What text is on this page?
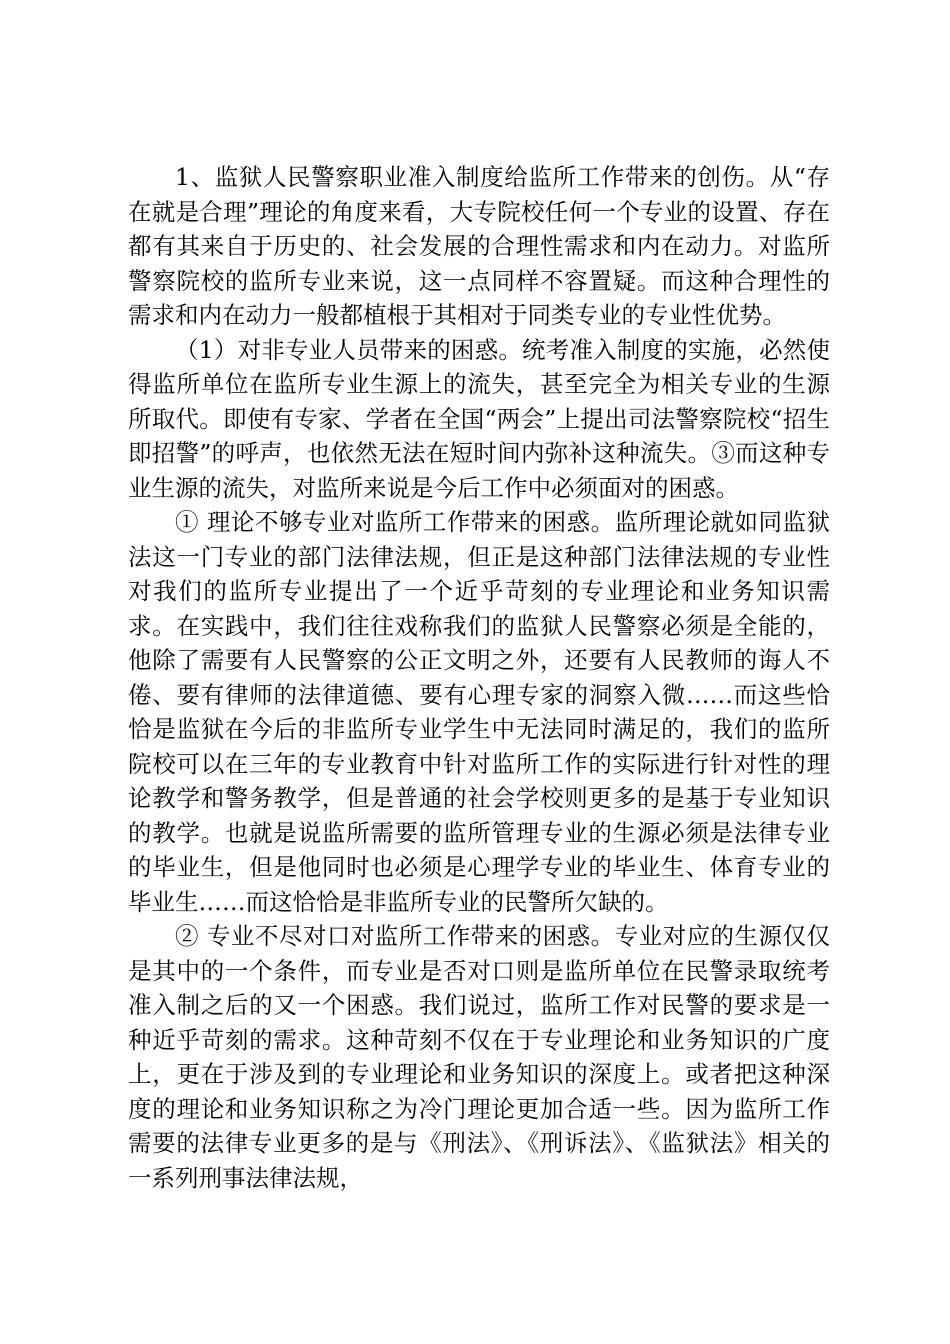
1、监狱人民警察职业准入制度给监所工作带来的创伤。从“存在就是合理”理论的角度来看，大专院校任何一个专业的设置、存在都有其来自于历史的、社会发展的合理性需求和内在动力。对监所警察院校的监所专业来说，这一点同样不容置疑。而这种合理性的需求和内在动力一般都植根于其相对于同类专业的专业性优势。

（1）对非专业人员带来的困惑。统考准入制度的实施，必然使得监所单位在监所专业生源上的流失，甚至完全为相关专业的生源所取代。即使有专家、学者在全国“两会”上提出司法警察院校“招生即招警”的呼声，也依然无法在短时间内弥补这种流失。③而这种专业生源的流失，对监所来说是今后工作中必须面对的困惑。

① 理论不够专业对监所工作带来的困惑。监所理论就如同监狱法这一门专业的部门法律法规，但正是这种部门法律法规的专业性对我们的监所专业提出了一个近乎苛刻的专业理论和业务知识需求。在实践中，我们往往戏称我们的监狱人民警察必须是全能的，他除了需要有人民警察的公正文明之外，还要有人民教师的诲人不倦、要有律师的法律道德、要有心理专家的洞察入微……而这些恰恰是监狱在今后的非监所专业学生中无法同时满足的，我们的监所院校可以在三年的专业教育中针对监所工作的实际进行针对性的理论教学和警务教学，但是普通的社会学校则更多的是基于专业知识的教学。也就是说监所需要的监所管理专业的生源必须是法律专业的毕业生，但是他同时也必须是心理学专业的毕业生、体育专业的毕业生……而这恰恰是非监所专业的民警所欠缺的。

② 专业不尽对口对监所工作带来的困惑。专业对应的生源仅仅是其中的一个条件，而专业是否对口则是监所单位在民警录取统考准入制之后的又一个困惑。我们说过，监所工作对民警的要求是一种近乎苛刻的需求。这种苛刻不仅在于专业理论和业务知识的广度上，更在于涉及到的专业理论和业务知识的深度上。或者把这种深度的理论和业务知识称之为冷门理论更加合适一些。因为监所工作需要的法律专业更多的是与《刑法》、《刑诉法》、《监狱法》相关的一系列刑事法律法规，
